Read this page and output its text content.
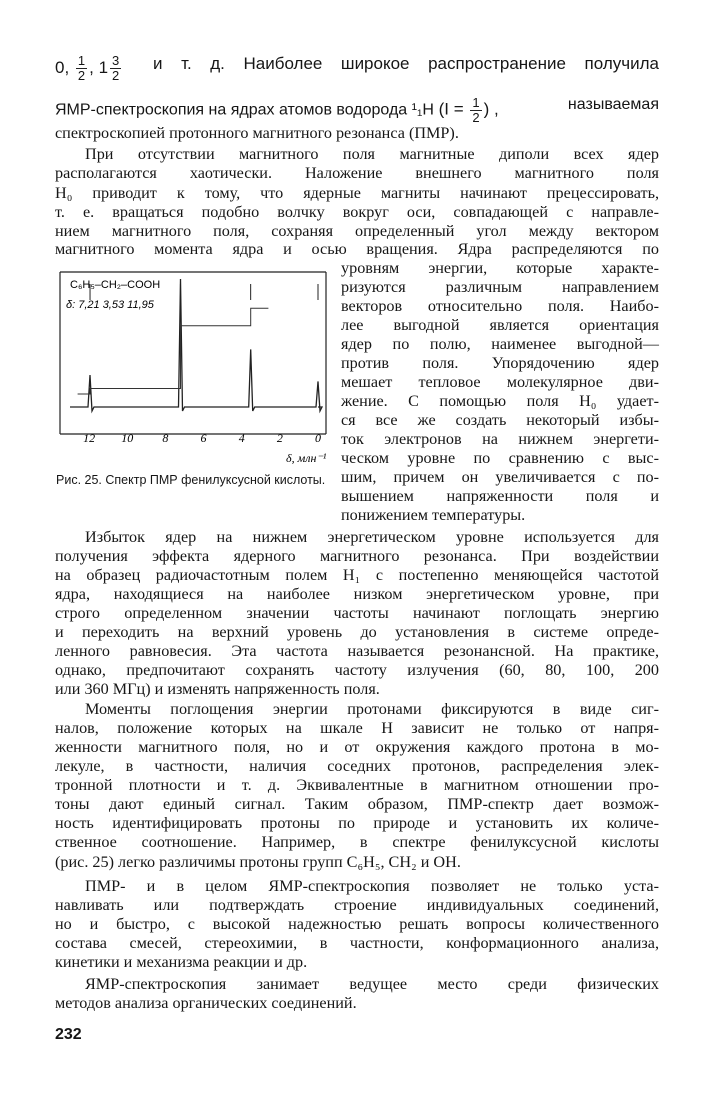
0, $\frac{1}{2}$ , $1 \frac{3}{2}$ и т. д. Наиболее широкое распространение получила
ЯМР-спектроскопия на ядрах атомов водорода ¹₁H ($I = \frac{1}{2}$ ) ,	называемая
спектроскопией протонного магнитного резонанса (ПМР).
При отсутствии магнитного поля магнитные диполи всех ядер
располагаются хаотически. Наложение внешнего магнитного поля
H₀ приводит к тому, что ядерные магниты начинают прецессировать,
т. е. вращаться подобно волчку вокруг оси, совпадающей с направле-
нием магнитного поля, сохраняя определенный угол между вектором
магнитного момента ядра и осью вращения. Ядра распределяются по
уровням энергии, которые характе-
ризуются различным направлением
векторов относительно поля. Наибо-
лее выгодной является ориентация
ядер по полю, наименее выгодной—
против поля. Упорядочению ядер
мешает тепловое молекулярное дви-
жение. С помощью поля H₀ удает-
ся все же создать некоторый избы-
ток электронов на нижнем энергети-
ческом уровне по сравнению с выс-
шим, причем он увеличивается с по-
вышением напряженности поля и
понижением температуры.
12 10 8	6	4	2	0
C₆H₅–CH₂–COOH
δ: 7,21 3,53 11,95
δ, млн⁻¹
Рис. 25. Спектр ПМР фенилуксусной кислоты.
Избыток ядер на нижнем энергетическом уровне используется для
получения эффекта ядерного магнитного резонанса. При воздействии
на образец радиочастотным полем H₁ с постепенно меняющейся частотой
ядра, находящиеся на наиболее низком энергетическом уровне, при
строго определенном значении частоты начинают поглощать энергию
и переходить на верхний уровень до установления в системе опреде-
ленного равновесия. Эта частота называется резонансной. На практике,
однако, предпочитают сохранять частоту излучения (60, 80, 100, 200
или 360 МГц) и изменять напряженность поля.
Моменты поглощения энергии протонами фиксируются в виде сиг-
налов, положение которых на шкале H зависит не только от напря-
женности магнитного поля, но и от окружения каждого протона в мо-
лекуле, в частности, наличия соседних протонов, распределения элек-
тронной плотности и т. д. Эквивалентные в магнитном отношении про-
тоны дают единый сигнал. Таким образом, ПМР-спектр дает возмож-
ность идентифицировать протоны по природе и установить их количе-
ственное соотношение. Например, в спектре фенилуксусной кислоты
(рис. 25) легко различимы протоны групп C₆H₅, CH₂ и OH.
ПМР- и в целом ЯМР-спектроскопия позволяет не только уста-
навливать или подтверждать строение индивидуальных соединений,
но и быстро, с высокой надежностью решать вопросы количественного
состава смесей, стереохимии, в частности, конформационного анализа,
кинетики и механизма реакции и др.
ЯМР-спектроскопия занимает ведущее место среди физических
методов анализа органических соединений.
232
